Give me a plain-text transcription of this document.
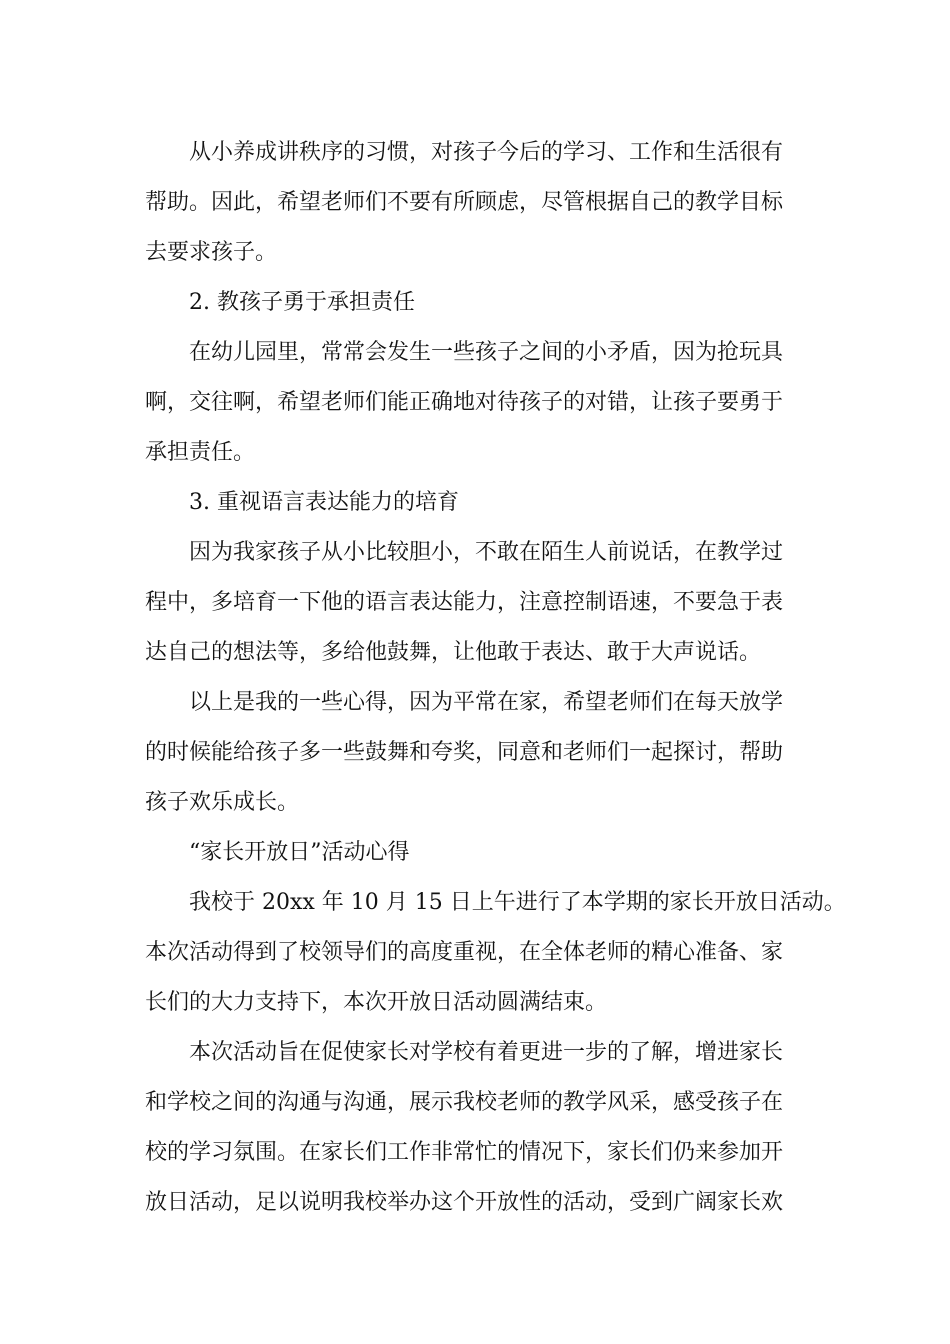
从小养成讲秩序的习惯，对孩子今后的学习、工作和生活很有
帮助。因此，希望老师们不要有所顾虑，尽管根据自己的教学目标
去要求孩子。
2. 教孩子勇于承担责任
在幼儿园里，常常会发生一些孩子之间的小矛盾，因为抢玩具
啊，交往啊，希望老师们能正确地对待孩子的对错，让孩子要勇于
承担责任。
3. 重视语言表达能力的培育
因为我家孩子从小比较胆小，不敢在陌生人前说话，在教学过
程中，多培育一下他的语言表达能力，注意控制语速，不要急于表
达自己的想法等，多给他鼓舞，让他敢于表达、敢于大声说话。
以上是我的一些心得，因为平常在家，希望老师们在每天放学
的时候能给孩子多一些鼓舞和夸奖，同意和老师们一起探讨，帮助
孩子欢乐成长。
“家长开放日”活动心得
我校于 20xx 年 10 月 15 日上午进行了本学期的家长开放日活动。
本次活动得到了校领导们的高度重视，在全体老师的精心准备、家
长们的大力支持下，本次开放日活动圆满结束。
本次活动旨在促使家长对学校有着更进一步的了解，增进家长
和学校之间的沟通与沟通，展示我校老师的教学风采，感受孩子在
校的学习氛围。在家长们工作非常忙的情况下，家长们仍来参加开
放日活动，足以说明我校举办这个开放性的活动，受到广阔家长欢
